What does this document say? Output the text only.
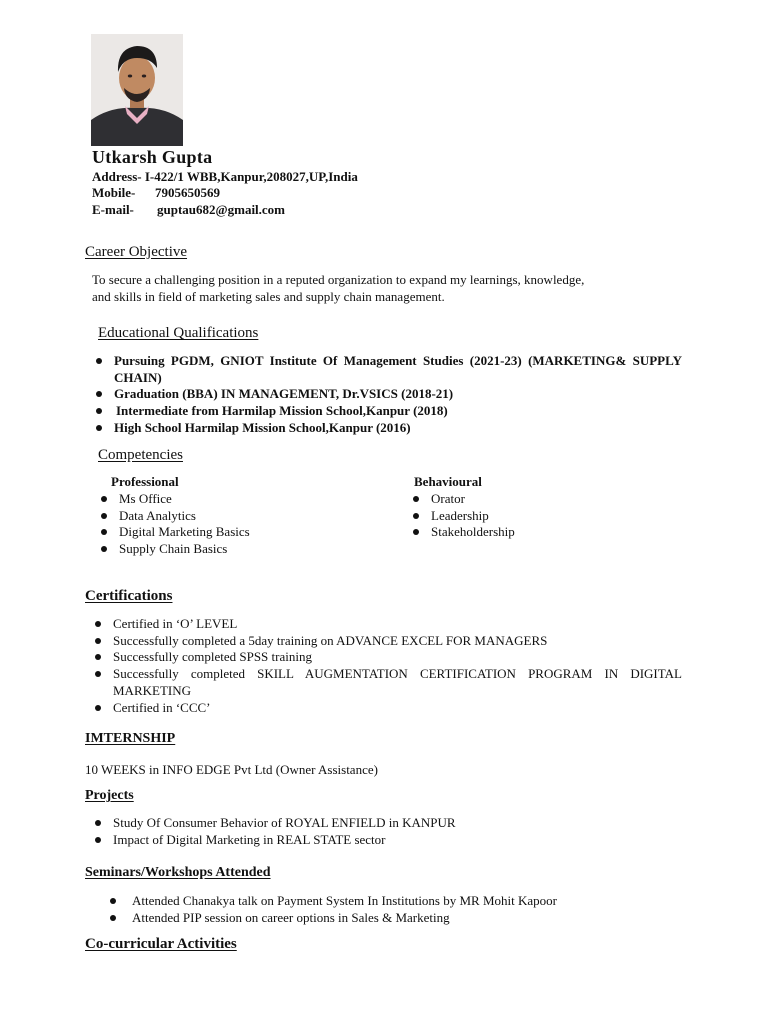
Utkarsh Gupta
Address- I-422/1 WBB,Kanpur,208027,UP,India
Mobile- 7905650569
E-mail- guptau682@gmail.com
Career Objective
To secure a challenging position in a reputed organization to expand my learnings, knowledge,
and skills in field of marketing sales and supply chain management.
Educational Qualifications
Pursuing PGDM, GNIOT Institute Of Management Studies (2021-23) (MARKETING& SUPPLY CHAIN)
Graduation (BBA) IN MANAGEMENT, Dr.VSICS (2018-21)
Intermediate from Harmilap Mission School,Kanpur (2018)
High School Harmilap Mission School,Kanpur (2016)
Competencies
Professional
Ms Office
Data Analytics
Digital Marketing Basics
Supply Chain Basics
Behavioural
Orator
Leadership
Stakeholdership
Certifications
Certified in ‘O’ LEVEL
Successfully completed a 5day training on ADVANCE EXCEL FOR MANAGERS
Successfully completed SPSS training
Successfully completed SKILL AUGMENTATION CERTIFICATION PROGRAM IN DIGITAL MARKETING
Certified in ‘CCC’
IMTERNSHIP
10 WEEKS in INFO EDGE Pvt Ltd (Owner Assistance)
Projects
Study Of Consumer Behavior of ROYAL ENFIELD in KANPUR
Impact of Digital Marketing in REAL STATE sector
Seminars/Workshops Attended
Attended Chanakya talk on Payment System In Institutions by MR Mohit Kapoor
Attended PIP session on career options in Sales & Marketing
Co-curricular Activities
